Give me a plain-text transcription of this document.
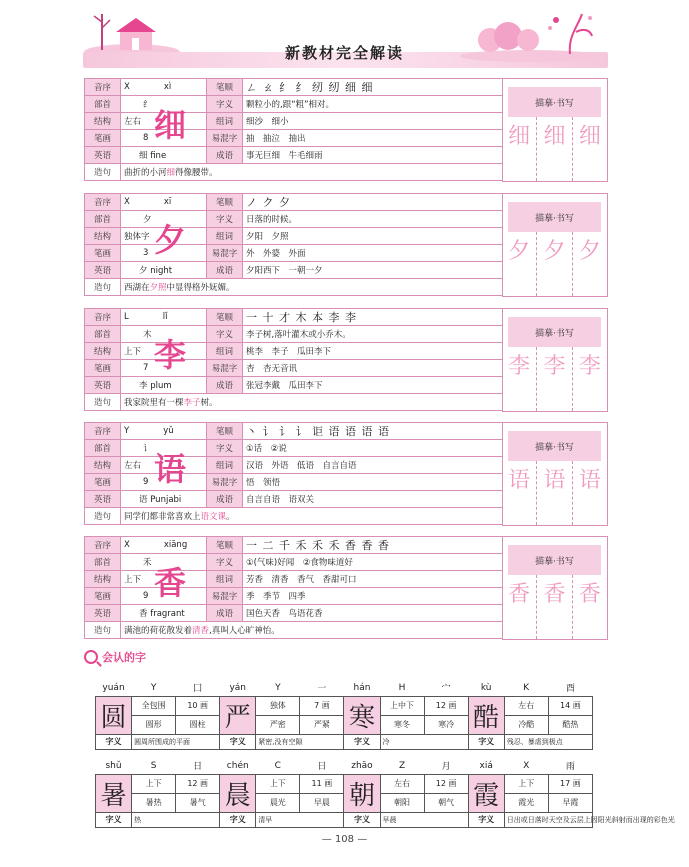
新教材完全解读
音序	X xì	笔顺	ㄥ ㄠ 纟 纟 纫 纫 细 细
部首	纟	字义	颗粒小的,跟“粗”相对。
结构	左右	组词	细沙　细小
笔画	8	易混字	抽　抽泣　抽出
英语	细 fine	成语	事无巨细　牛毛细雨
造句	曲折的小河细得像腰带。		
细
描摹·书写
细 细 细
音序	X xī	笔顺	ノ ク 夕
部首	夕	字义	日落的时候。
结构	独体字	组词	夕阳　夕照
笔画	3	易混字	外　外婆　外面
英语	夕 night	成语	夕阳西下　一朝一夕
造句	西湖在夕照中显得格外妩媚。		
夕
描摹·书写
夕 夕 夕
音序	L lǐ	笔顺	一 十 才 木 本 李 李
部首	木	字义	李子树,落叶灌木或小乔木。
结构	上下	组词	桃李　李子　瓜田李下
笔画	7	易混字	杏　杏无音讯
英语	李 plum	成语	张冠李戴　瓜田李下
造句	我家院里有一棵李子树。		
李
描摹·书写
李 李 李
音序	Y yǔ	笔顺	丶 讠 讠 讠 讵 语 语 语 语
部首	讠	字义	①话　②说
结构	左右	组词	汉语　外语　低语　自言自语
笔画	9	易混字	悟　领悟
英语	语 Punjabi	成语	自言自语　语双关
造句	同学们都非常喜欢上语文课。		
语
描摹·书写
语 语 语
音序	X xiāng	笔顺	一 二 千 禾 禾 禾 香 香 香
部首	禾	字义	①(气味)好闻　②食物味道好
结构	上下	组词	芳香　清香　香气　香甜可口
笔画	9	易混字	季　季节　四季
英语	香 fragrant	成语	国色天香　鸟语花香
造句	满池的荷花散发着清香,真叫人心旷神怡。		
香
描摹·书写
香 香 香
会认的字
yuán	Y	囗	yán	Y	一	hán	H	宀	kù	K	酉
圆	全包围	10 画	严	独体	7 画	寒	上中下	12 画	酷	左右	14 画
	圆形	圆柱		严密	严紧		寒冬	寒冷		冷酷	酷热
字义	圆周所围成的平面		字义	紧密,没有空隙		字义	冷		字义	残忍、暴虐到极点	
shǔ	S	日	chén	C	日	zhāo	Z	月	xiá	X	雨
暑	上下	12 画	晨	上下	11 画	朝	左右	12 画	霞	上下	17 画
	暑热	暑气		晨光	早晨		朝阳	朝气		霞光	早霞
字义	热		字义	清早		字义	早晨		字义	日出或日落时天空及云层上因阳光斜射而出现的彩色光	
— 108 —
